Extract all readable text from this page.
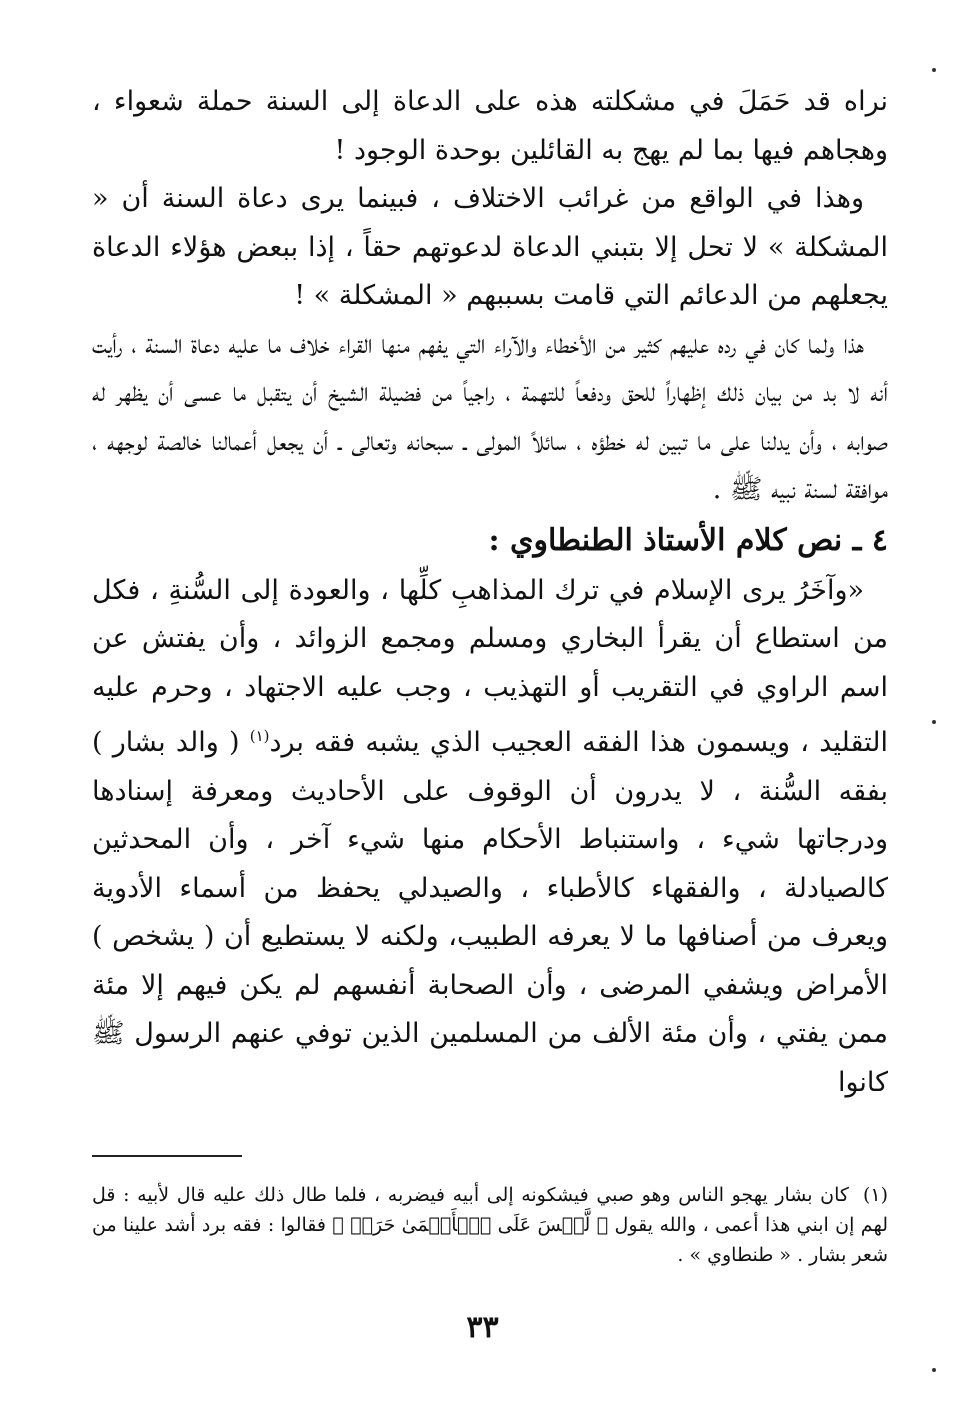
نراه قد حَمَلَ في مشكلته هذه على الدعاة إلى السنة حملة شعواء ، وهجاهم فيها بما لم يهج به القائلين بوحدة الوجود !

وهذا في الواقع من غرائب الاختلاف ، فبينما يرى دعاة السنة أن « المشكلة » لا تحل إلا بتبني الدعاة لدعوتهم حقاً ، إذا ببعض هؤلاء الدعاة يجعلهم من الدعائم التي قامت بسببهم « المشكلة » !

هذا ولما كان في رده عليهم كثير من الأخطاء والآراء التي يفهم منها القراء خلاف ما عليه دعاة السنة ، رأيت أنه لا بد من بيان ذلك إظهاراً للحق ودفعاً للتهمة ، راجياً من فضيلة الشيخ أن يتقبل ما عسى أن يظهر له صوابه ، وأن يدلنا على ما تبين له خطؤه ، سائلاً المولى ـ سبحانه وتعالى ـ أن يجعل أعمالنا خالصة لوجهه ، موافقة لسنة نبيه ﷺ .

٤ ـ نص كلام الأستاذ الطنطاوي :

«وآخَرُ يرى الإسلام في ترك المذاهبِ كلِّها ، والعودة إلى السُّنةِ ، فكل من استطاع أن يقرأ البخاري ومسلم ومجمع الزوائد ، وأن يفتش عن اسم الراوي في التقريب أو التهذيب ، وجب عليه الاجتهاد ، وحرم عليه التقليد ، ويسمون هذا الفقه العجيب الذي يشبه فقه برد$^{(١)}$ ( والد بشار ) بفقه السُّنة ، لا يدرون أن الوقوف على الأحاديث ومعرفة إسنادها ودرجاتها شيء ، واستنباط الأحكام منها شيء آخر ، وأن المحدثين كالصيادلة ، والفقهاء كالأطباء ، والصيدلي يحفظ من أسماء الأدوية ويعرف من أصنافها ما لا يعرفه الطبيب، ولكنه لا يستطيع أن ( يشخص ) الأمراض ويشفي المرضى ، وأن الصحابة أنفسهم لم يكن فيهم إلا مئة ممن يفتي ، وأن مئة الألف من المسلمين الذين توفي عنهم الرسول ﷺ كانوا

(١)كان بشار يهجو الناس وهو صبي فيشكونه إلى أبيه فيضربه ، فلما طال ذلك عليه قال لأبيه : قل لهم إن ابني هذا أعمى ، والله يقول ﴿ لَّيۡسَ عَلَى ٱلۡأَعۡمَىٰ حَرَجٞ ﴾ فقالوا : فقه برد أشد علينا من شعر بشار . « طنطاوي » .
٣٣
